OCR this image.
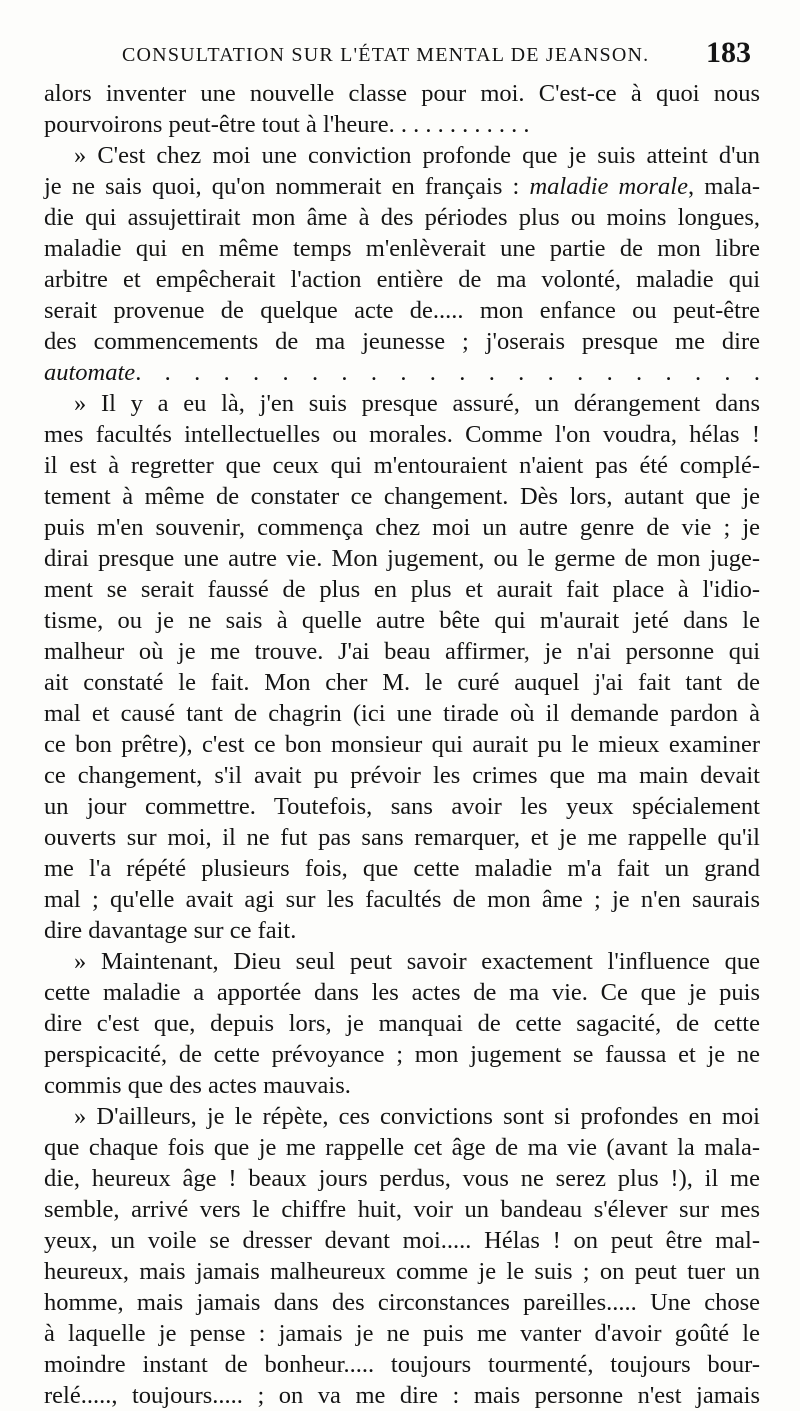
CONSULTATION SUR L'ÉTAT MENTAL DE JEANSON. 183
alors inventer une nouvelle classe pour moi. C'est-ce à quoi nous
pourvoirons peut-être tout à l'heure. . . . . . . . . . . .
» C'est chez moi une conviction profonde que je suis atteint d'un
je ne sais quoi, qu'on nommerait en français : maladie morale, mala-
die qui assujettirait mon âme à des périodes plus ou moins longues,
maladie qui en même temps m'enlèverait une partie de mon libre
arbitre et empêcherait l'action entière de ma volonté, maladie qui
serait provenue de quelque acte de..... mon enfance ou peut-être
des commencements de ma jeunesse ; j'oserais presque me dire
automate. . . . . . . . . . . . . . . . . . . . . .
» Il y a eu là, j'en suis presque assuré, un dérangement dans
mes facultés intellectuelles ou morales. Comme l'on voudra, hélas !
il est à regretter que ceux qui m'entouraient n'aient pas été complé-
tement à même de constater ce changement. Dès lors, autant que je
puis m'en souvenir, commença chez moi un autre genre de vie ; je
dirai presque une autre vie. Mon jugement, ou le germe de mon juge-
ment se serait faussé de plus en plus et aurait fait place à l'idio-
tisme, ou je ne sais à quelle autre bête qui m'aurait jeté dans le
malheur où je me trouve. J'ai beau affirmer, je n'ai personne qui
ait constaté le fait. Mon cher M. le curé auquel j'ai fait tant de
mal et causé tant de chagrin (ici une tirade où il demande pardon à
ce bon prêtre), c'est ce bon monsieur qui aurait pu le mieux examiner
ce changement, s'il avait pu prévoir les crimes que ma main devait
un jour commettre. Toutefois, sans avoir les yeux spécialement
ouverts sur moi, il ne fut pas sans remarquer, et je me rappelle qu'il
me l'a répété plusieurs fois, que cette maladie m'a fait un grand
mal ; qu'elle avait agi sur les facultés de mon âme ; je n'en saurais
dire davantage sur ce fait.
» Maintenant, Dieu seul peut savoir exactement l'influence que
cette maladie a apportée dans les actes de ma vie. Ce que je puis
dire c'est que, depuis lors, je manquai de cette sagacité, de cette
perspicacité, de cette prévoyance ; mon jugement se faussa et je ne
commis que des actes mauvais.
» D'ailleurs, je le répète, ces convictions sont si profondes en moi
que chaque fois que je me rappelle cet âge de ma vie (avant la mala-
die, heureux âge ! beaux jours perdus, vous ne serez plus !), il me
semble, arrivé vers le chiffre huit, voir un bandeau s'élever sur mes
yeux, un voile se dresser devant moi..... Hélas ! on peut être mal-
heureux, mais jamais malheureux comme je le suis ; on peut tuer un
homme, mais jamais dans des circonstances pareilles..... Une chose
à laquelle je pense : jamais je ne puis me vanter d'avoir goûté le
moindre instant de bonheur..... toujours tourmenté, toujours bour-
relé....., toujours..... ; on va me dire : mais personne n'est jamais
